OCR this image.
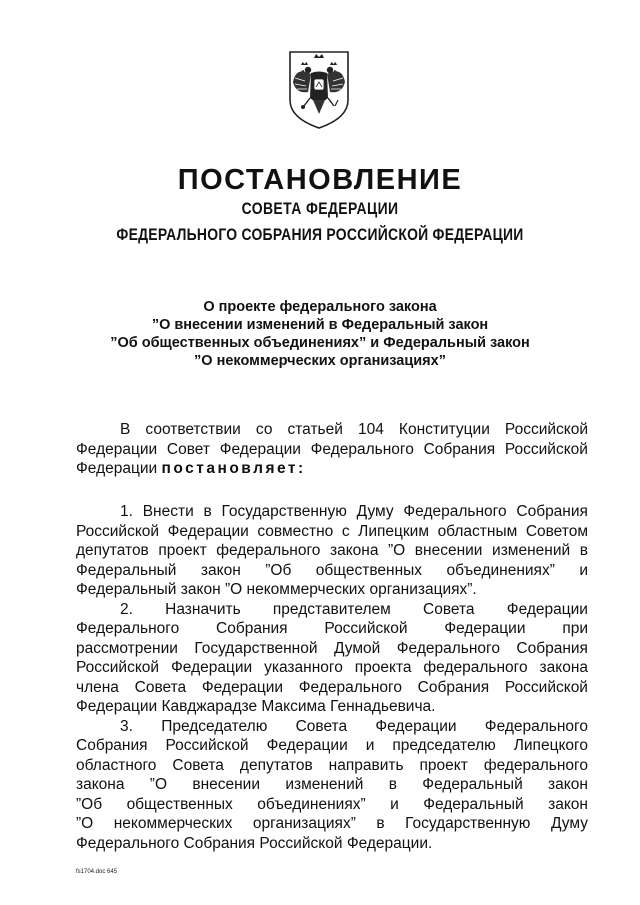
ПОСТАНОВЛЕНИЕ
СОВЕТА ФЕДЕРАЦИИ
ФЕДЕРАЛЬНОГО СОБРАНИЯ РОССИЙСКОЙ ФЕДЕРАЦИИ
О проекте федерального закона
”О внесении изменений в Федеральный закон
”Об общественных объединениях” и Федеральный закон
”О некоммерческих организациях”
В соответствии со статьей 104 Конституции Российской
Федерации Совет Федерации Федерального Собрания Российской
Федерации постановляет:
1. Внести в Государственную Думу Федерального Собрания
Российской Федерации совместно с Липецким областным Советом
депутатов проект федерального закона ”О внесении изменений в
Федеральный закон ”Об общественных объединениях” и
Федеральный закон ”О некоммерческих организациях”.
2. Назначить представителем Совета Федерации
Федерального Собрания Российской Федерации при
рассмотрении Государственной Думой Федерального Собрания
Российской Федерации указанного проекта федерального закона
члена Совета Федерации Федерального Собрания Российской
Федерации Кавджарадзе Максима Геннадьевича.
3. Председателю Совета Федерации Федерального
Собрания Российской Федерации и председателю Липецкого
областного Совета депутатов направить проект федерального
закона ”О внесении изменений в Федеральный закон
”Об общественных объединениях” и Федеральный закон
”О некоммерческих организациях” в Государственную Думу
Федерального Собрания Российской Федерации.
fs1704.doc 645
